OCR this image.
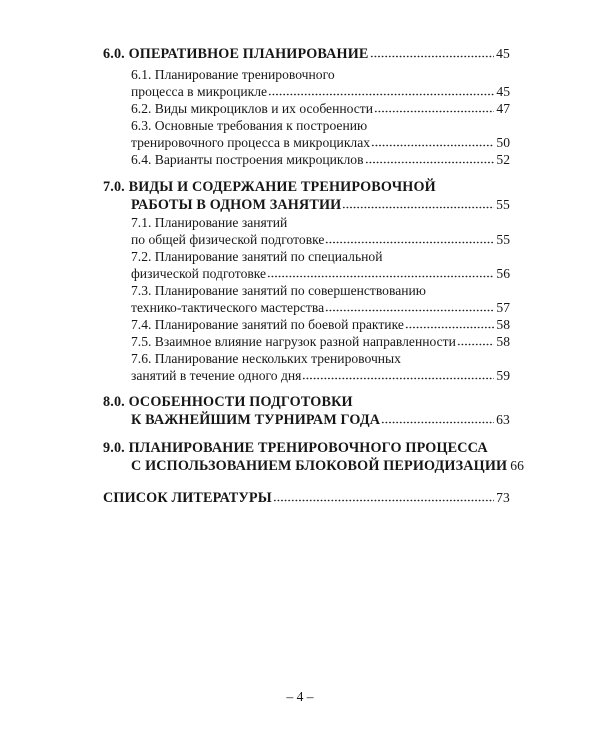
6.0. ОПЕРАТИВНОЕ ПЛАНИРОВАНИЕ	45
6.1. Планирование тренировочного
процесса в микроцикле	45
6.2. Виды микроциклов и их особенности	47
6.3. Основные требования к построению
тренировочного процесса в микроциклах	50
6.4. Варианты построения микроциклов	52
7.0. ВИДЫ И СОДЕРЖАНИЕ ТРЕНИРОВОЧНОЙ
РАБОТЫ В ОДНОМ ЗАНЯТИИ	55
7.1. Планирование занятий
по общей физической подготовке	55
7.2. Планирование занятий по специальной
физической подготовке	56
7.3. Планирование занятий по совершенствованию
технико-тактического мастерства	57
7.4. Планирование занятий по боевой практике	58
7.5. Взаимное влияние нагрузок разной направленности	58
7.6. Планирование нескольких тренировочных
занятий в течение одного дня	59
8.0. ОСОБЕННОСТИ ПОДГОТОВКИ
К ВАЖНЕЙШИМ ТУРНИРАМ ГОДА	63
9.0. ПЛАНИРОВАНИЕ ТРЕНИРОВОЧНОГО ПРОЦЕССА
С ИСПОЛЬЗОВАНИЕМ БЛОКОВОЙ ПЕРИОДИЗАЦИИ 66
СПИСОК ЛИТЕРАТУРЫ	73
– 4 –
